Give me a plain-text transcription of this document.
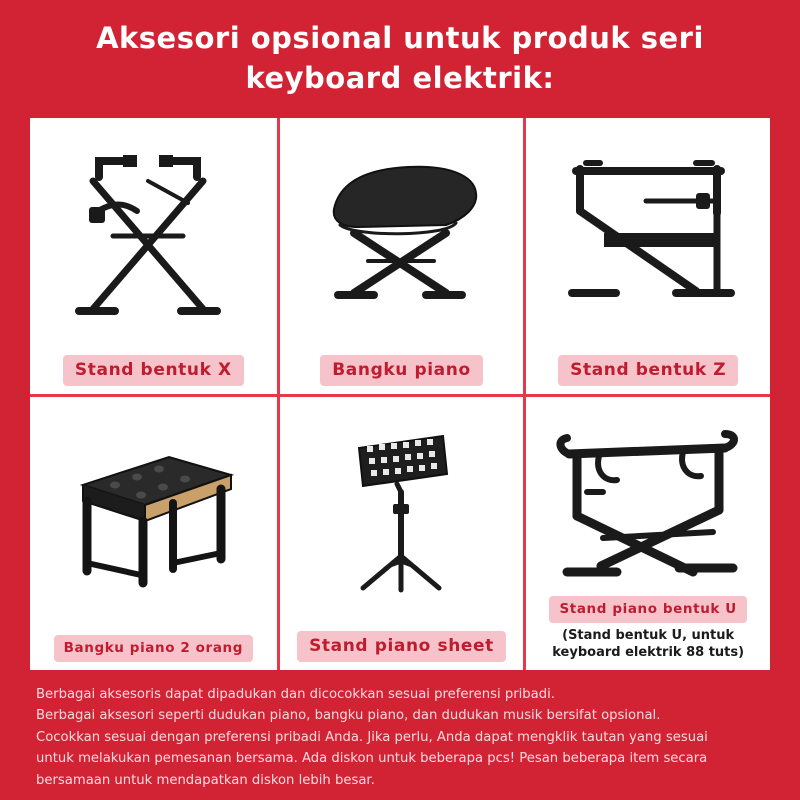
Aksesori opsional untuk produk seri
keyboard elektrik:
Stand bentuk X	Bangku piano	Stand bentuk Z
Bangku piano 2 orang	Stand piano sheet
Stand piano bentuk U
(Stand bentuk U, untuk
keyboard elektrik 88 tuts)

Berbagai aksesoris dapat dipadukan dan dicocokkan sesuai preferensi pribadi.

Berbagai aksesori seperti dudukan piano, bangku piano, dan dudukan musik bersifat opsional.

Cocokkan sesuai dengan preferensi pribadi Anda. Jika perlu, Anda dapat mengklik tautan yang sesuai

untuk melakukan pemesanan bersama. Ada diskon untuk beberapa pcs! Pesan beberapa item secara

bersamaan untuk mendapatkan diskon lebih besar.
